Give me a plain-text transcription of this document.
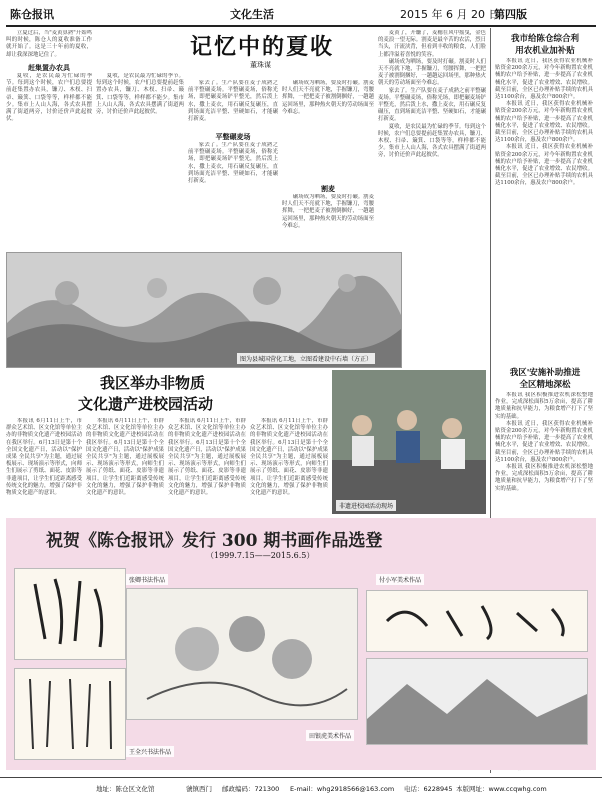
陈仓报讯	文化生活	2015 年 6 月 20 日
第四版
记忆中的夏收
董珠谋

立夏过后，当"麦黄算熟"开始鸣叫的时候，陈仓人的夏收准备工作就开始了。这是三十年前的夏收，却让我深深地记住了。

赶集置办农具

夏收，是农民最为忙碌的季节。每到这个时候，农户们总要提前赶集置办农具，镰刀、木杈、扫帚、簸箕、口袋等等，样样都不能少。集市上人山人海，各式农具摆满了街道两旁，讨价还价声此起彼伏。

夏收，是农民最为忙碌的季节。每到这个时候，农户们总要提前赶集置办农具，镰刀、木杈、扫帚、簸箕、口袋等等，样样都不能少。集市上人山人海，各式农具摆满了街道两旁，讨价还价声此起彼伏。

家去了。生产队要在麦子成熟之前平整碾麦场。平整碾麦场，俗称光场，即把碾麦场铲平整光，然后泼上水，撒上麦衣，用石碾反复碾压，直到场面光洁平整、坚硬如石，才能碾打新麦。

平整碾麦场

家去了。生产队要在麦子成熟之前平整碾麦场。平整碾麦场，俗称光场，即把碾麦场铲平整光，然后泼上水，撒上麦衣，用石碾反复碾压，直到场面光洁平整、坚硬如石，才能碾打新麦。

碾场成为晒场，要及时打碾。割麦时人们天不亮就下地，手握镰刀，弯腰挥舞，一把把麦子被割倒捆好，一趟趟运回场里，那种热火朝天的劳动场面至今难忘。

割麦

碾场成为晒场，要及时打碾。割麦时人们天不亮就下地，手握镰刀，弯腰挥舞，一把把麦子被割倒捆好，一趟趟运回场里，那种热火朝天的劳动场面至今难忘。

麦黄了，开镰了，麦穗在风中摇曳，金色的麦浪一望无际。割麦是最辛苦的农活，烈日当头，汗流浃背，但看到丰收的粮食，人们脸上都洋溢着喜悦的笑容。

碾场成为晒场，要及时打碾。割麦时人们天不亮就下地，手握镰刀，弯腰挥舞，一把把麦子被割倒捆好，一趟趟运回场里，那种热火朝天的劳动场面至今难忘。

家去了。生产队要在麦子成熟之前平整碾麦场。平整碾麦场，俗称光场，即把碾麦场铲平整光，然后泼上水，撒上麦衣，用石碾反复碾压，直到场面光洁平整、坚硬如石，才能碾打新麦。

夏收，是农民最为忙碌的季节。每到这个时候，农户们总要提前赶集置办农具，镰刀、木杈、扫帚、簸箕、口袋等等，样样都不能少。集市上人山人海，各式农具摆满了街道两旁，讨价还价声此起彼伏。

图为县城国营化工地，立图看建设中石墙（方正）
我区举办非物质
文化遗产进校园活动

本报讯 6月11日上午，市群众艺术馆、区文化馆等单位主办的非物质文化遗产进校园活动在我区举行。6月13日是第十个全国文化遗产日，活动以"保护成果 全民共享"为主题，通过展板展示、现场演示等形式，向师生们展示了剪纸、面花、皮影等非遗项目，让学生们近距离感受传统文化的魅力，增强了保护非物质文化遗产的意识。

本报讯 6月11日上午，市群众艺术馆、区文化馆等单位主办的非物质文化遗产进校园活动在我区举行。6月13日是第十个全国文化遗产日，活动以"保护成果 全民共享"为主题，通过展板展示、现场演示等形式，向师生们展示了剪纸、面花、皮影等非遗项目，让学生们近距离感受传统文化的魅力，增强了保护非物质文化遗产的意识。

本报讯 6月11日上午，市群众艺术馆、区文化馆等单位主办的非物质文化遗产进校园活动在我区举行。6月13日是第十个全国文化遗产日，活动以"保护成果 全民共享"为主题，通过展板展示、现场演示等形式，向师生们展示了剪纸、面花、皮影等非遗项目，让学生们近距离感受传统文化的魅力，增强了保护非物质文化遗产的意识。

本报讯 6月11日上午，市群众艺术馆、区文化馆等单位主办的非物质文化遗产进校园活动在我区举行。6月13日是第十个全国文化遗产日，活动以"保护成果 全民共享"为主题，通过展板展示、现场演示等形式，向师生们展示了剪纸、面花、皮影等非遗项目，让学生们近距离感受传统文化的魅力，增强了保护非物质文化遗产的意识。

非遗进校园活动现场
我市给陈仓综合利
用农机业加补贴

本报讯 近日，我区获得农业机械补贴资金200余万元，对今年新购置农业机械的农户给予补贴，进一步提高了农业机械化水平，促进了农业增效、农民增收。截至目前，全区已办理补贴手续的农机具达1100余台，惠及农户800余户。

本报讯 近日，我区获得农业机械补贴资金200余万元，对今年新购置农业机械的农户给予补贴，进一步提高了农业机械化水平，促进了农业增效、农民增收。截至目前，全区已办理补贴手续的农机具达1100余台，惠及农户800余户。

本报讯 近日，我区获得农业机械补贴资金200余万元，对今年新购置农业机械的农户给予补贴，进一步提高了农业机械化水平，促进了农业增效、农民增收。截至目前，全区已办理补贴手续的农机具达1100余台，惠及农户800余户。

我区'安施补助推进
全区精地深松

本报讯 我区积极推进农机深松整地作业，完成深松面积5万余亩，提高了耕地质量和抗旱能力，为粮食增产打下了坚实的基础。

本报讯 近日，我区获得农业机械补贴资金200余万元，对今年新购置农业机械的农户给予补贴，进一步提高了农业机械化水平，促进了农业增效、农民增收。截至目前，全区已办理补贴手续的农机具达1100余台，惠及农户800余户。

本报讯 我区积极推进农机深松整地作业，完成深松面积5万余亩，提高了耕地质量和抗旱能力，为粮食增产打下了坚实的基础。

祝贺《陈仓报讯》发行 300 期书画作品选登
（1999.7.15——2015.6.5）
张卿书法作品	付小军美术作品
田银虎美术作品
王全兴书法作品
地址：陈仓区文化馆	虢镇西门 邮政编码：721300 E-mail：whg2918566@163.com 电话：6228945 本版网址：www.ccqwhg.com
